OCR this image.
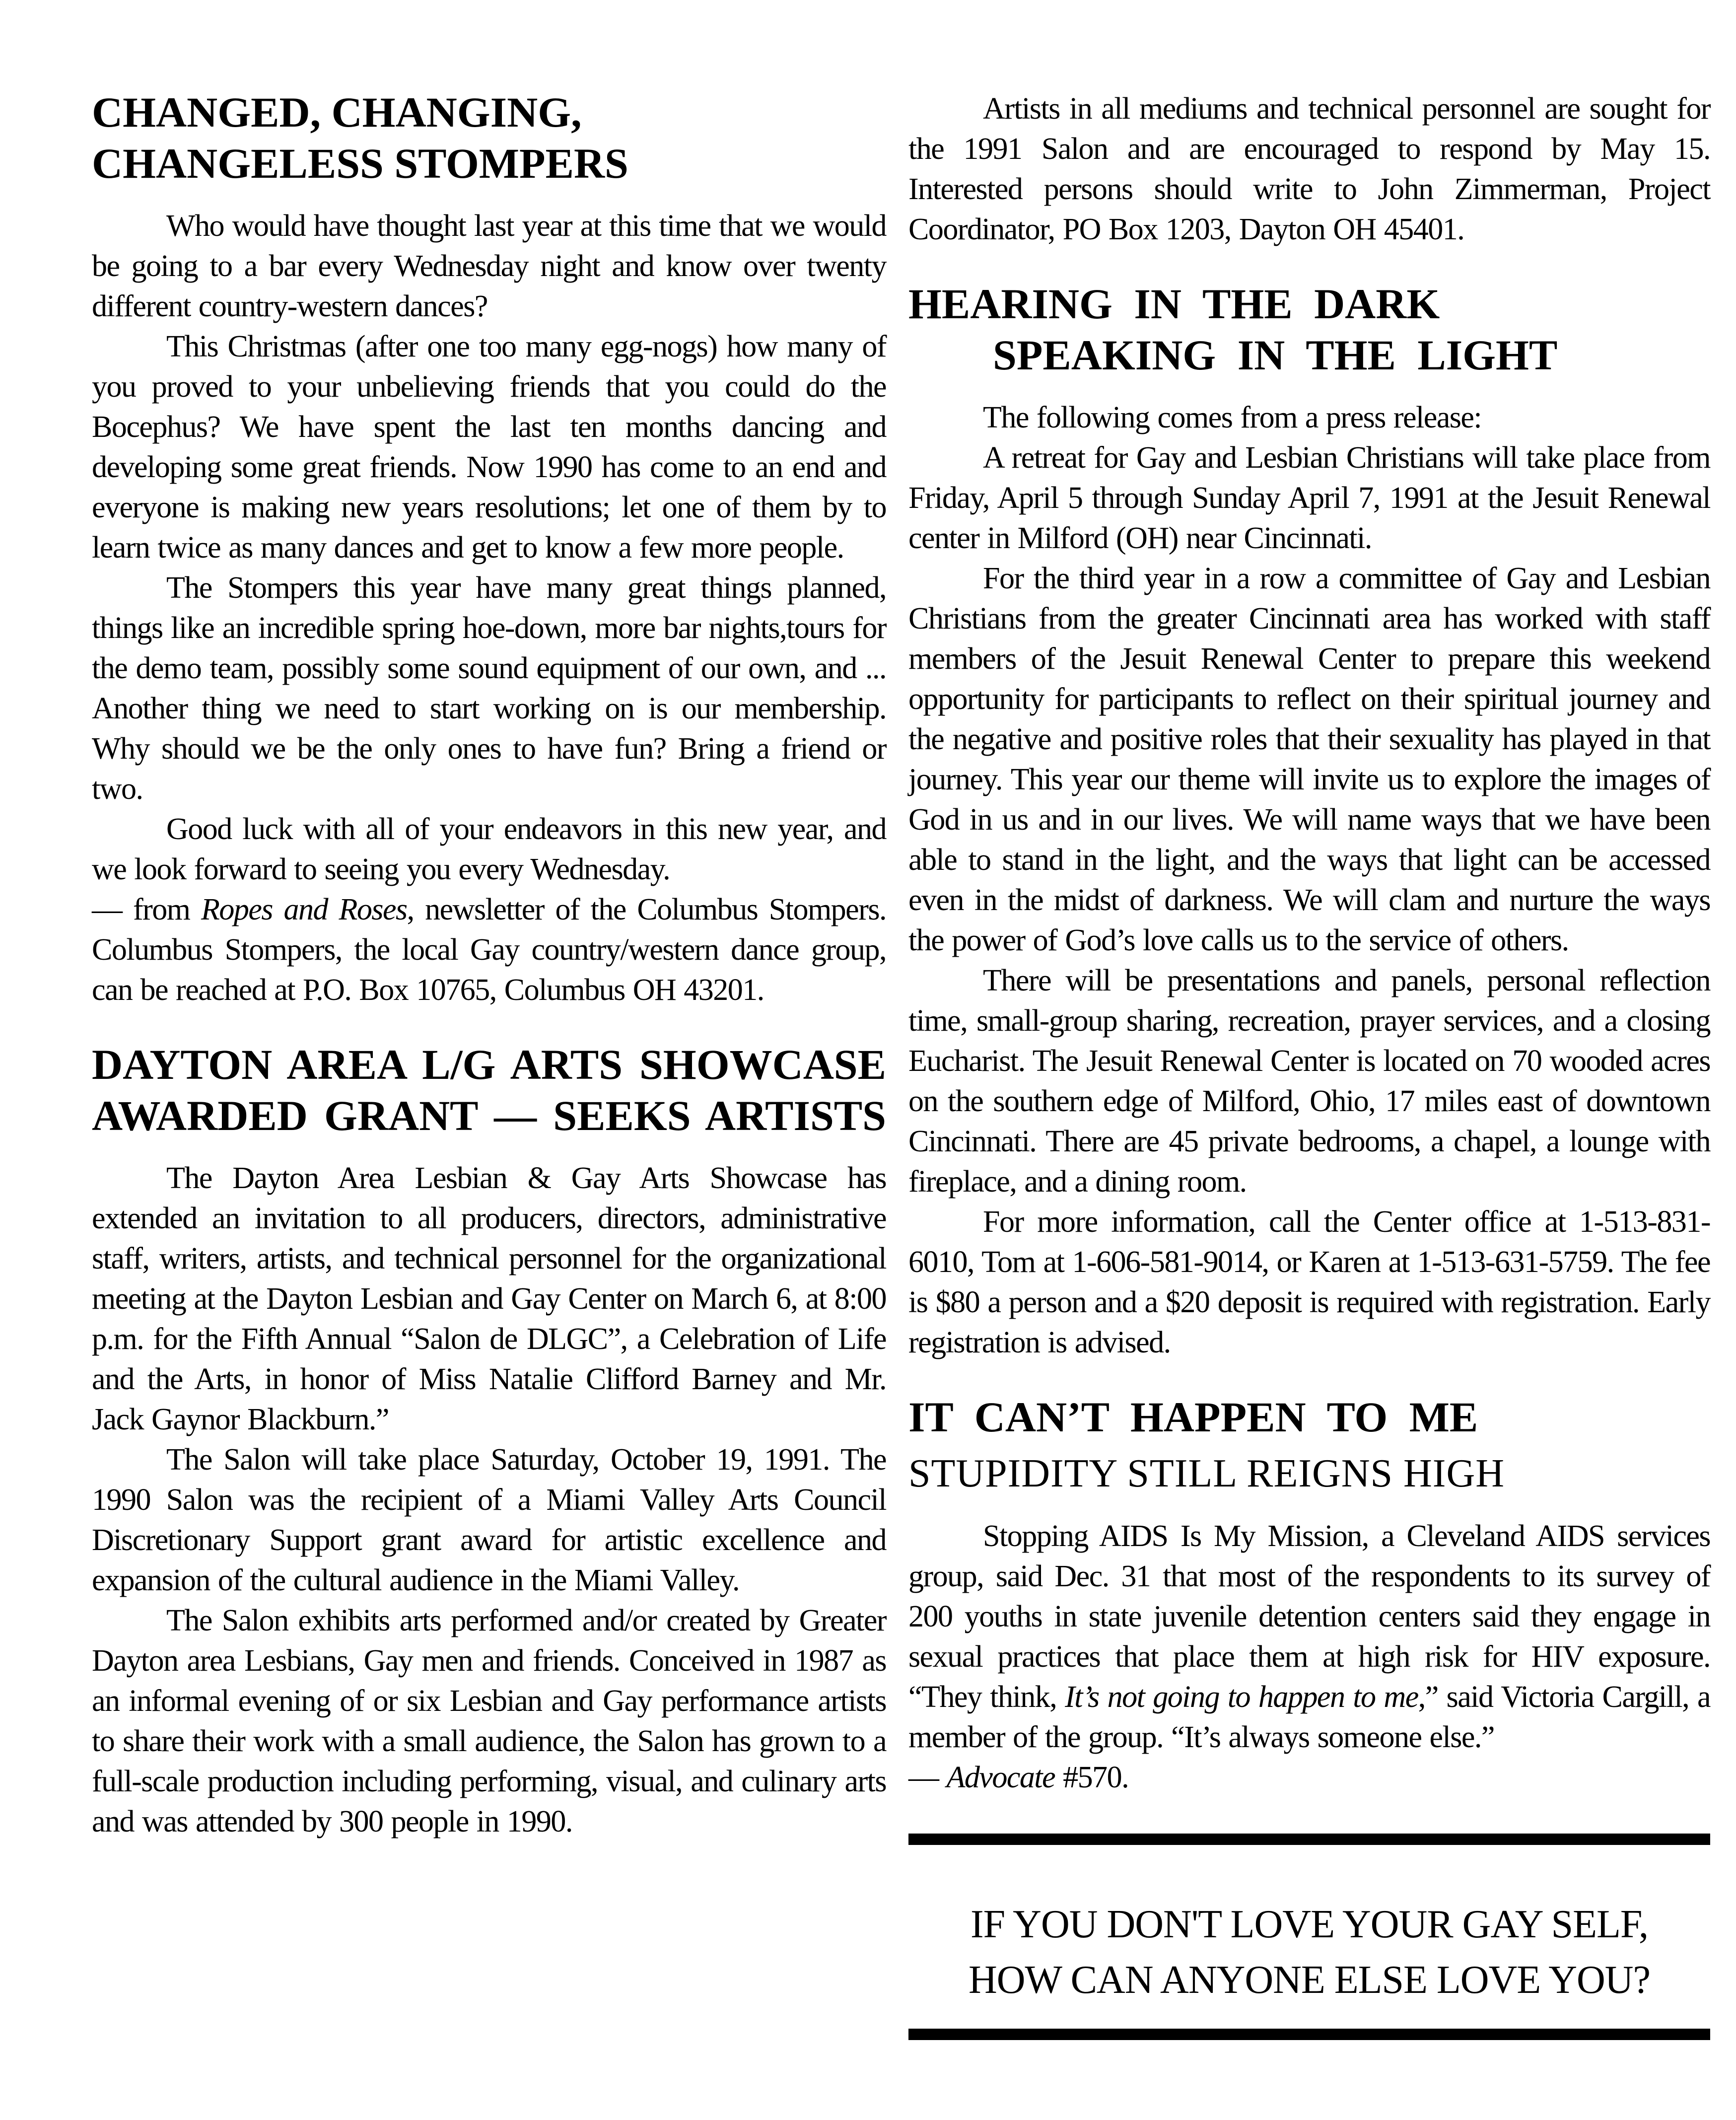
CHANGED, CHANGING,
CHANGELESS STOMPERS

Who would have thought last year at this time that we would be going to a bar every Wednesday night and know over twenty different country-western dances?

This Christmas (after one too many egg-nogs) how many of you proved to your unbelieving friends that you could do the Bocephus? We have spent the last ten months dancing and developing some great friends. Now 1990 has come to an end and everyone is making new years resolutions; let one of them by to learn twice as many dances and get to know a few more people.

The Stompers this year have many great things planned, things like an incredible spring hoe-down, more bar nights,tours for the demo team, possibly some sound equipment of our own, and ... Another thing we need to start working on is our membership. Why should we be the only ones to have fun? Bring a friend or two.

Good luck with all of your endeavors in this new year, and we look forward to seeing you every Wednesday.

— from Ropes and Roses, newsletter of the Columbus Stompers. Columbus Stompers, the local Gay country/western dance group, can be reached at P.O. Box 10765, Columbus OH 43201.

DAYTON AREA L/G ARTS SHOWCASE
AWARDED GRANT — SEEKS ARTISTS

The Dayton Area Lesbian & Gay Arts Showcase has extended an invitation to all producers, directors, administrative staff, writers, artists, and technical personnel for the organizational meeting at the Dayton Lesbian and Gay Center on March 6, at 8:00 p.m. for the Fifth Annual “Salon de DLGC”, a Celebration of Life and the Arts, in honor of Miss Natalie Clifford Barney and Mr. Jack Gaynor Blackburn.”

The Salon will take place Saturday, October 19, 1991. The 1990 Salon was the recipient of a Miami Valley Arts Council Discretionary Support grant award for artistic excellence and expansion of the cultural audience in the Miami Valley.

The Salon exhibits arts performed and/or created by Greater Dayton area Lesbians, Gay men and friends. Conceived in 1987 as an informal evening of or six Lesbian and Gay performance artists to share their work with a small audience, the Salon has grown to a full-scale production including performing, visual, and culinary arts and was attended by 300 people in 1990.

Artists in all mediums and technical personnel are sought for the 1991 Salon and are encouraged to respond by May 15. Interested persons should write to John Zimmerman, Project Coordinator, PO Box 1203, Dayton OH 45401.

HEARING IN THE DARK
SPEAKING IN THE LIGHT

The following comes from a press release:

A retreat for Gay and Lesbian Christians will take place from Friday, April 5 through Sunday April 7, 1991 at the Jesuit Renewal center in Milford (OH) near Cincinnati.

For the third year in a row a committee of Gay and Lesbian Christians from the greater Cincinnati area has worked with staff members of the Jesuit Renewal Center to prepare this weekend opportunity for participants to reflect on their spiritual journey and the negative and positive roles that their sexuality has played in that journey. This year our theme will invite us to explore the images of God in us and in our lives. We will name ways that we have been able to stand in the light, and the ways that light can be accessed even in the midst of darkness. We will clam and nurture the ways the power of God’s love calls us to the service of others.

There will be presentations and panels, personal reflection time, small-group sharing, recreation, prayer services, and a closing Eucharist. The Jesuit Renewal Center is located on 70 wooded acres on the southern edge of Milford, Ohio, 17 miles east of downtown Cincinnati. There are 45 private bedrooms, a chapel, a lounge with fireplace, and a dining room.

For more information, call the Center office at 1-513-831-6010, Tom at 1-606-581-9014, or Karen at 1-513-631-5759. The fee is $80 a person and a $20 deposit is required with registration. Early registration is advised.

IT CAN’T HAPPEN TO ME
STUPIDITY STILL REIGNS HIGH

Stopping AIDS Is My Mission, a Cleveland AIDS services group, said Dec. 31 that most of the respondents to its survey of 200 youths in state juvenile detention centers said they engage in sexual practices that place them at high risk for HIV exposure. “They think, It’s not going to happen to me,” said Victoria Cargill, a member of the group. “It’s always someone else.”

— Advocate #570.

IF YOU DON'T LOVE YOUR GAY SELF,
HOW CAN ANYONE ELSE LOVE YOU?
